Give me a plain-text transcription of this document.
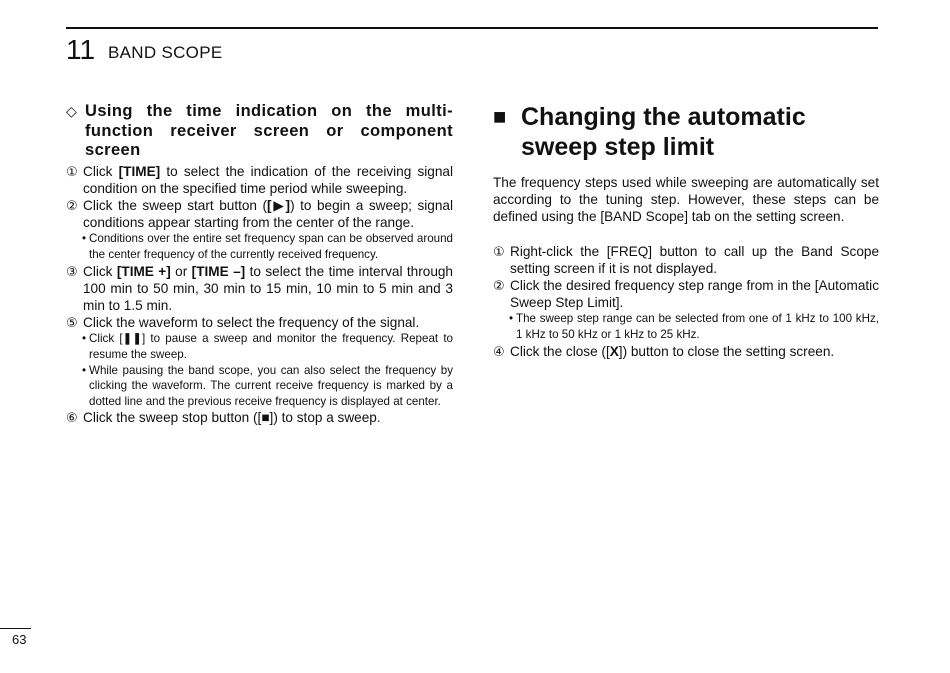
11 BAND SCOPE
◇ Using the time indication on the multi-function receiver screen or component screen
① Click [TIME] to select the indication of the receiving signal condition on the specified time period while sweeping.
② Click the sweep start button ([▶]) to begin a sweep; signal conditions appear starting from the center of the range.
• Conditions over the entire set frequency span can be observed around the center frequency of the currently received frequency.
③ Click [TIME +] or [TIME –] to select the time interval through 100 min to 50 min, 30 min to 15 min, 10 min to 5 min and 3 min to 1.5 min.
⑤ Click the waveform to select the frequency of the signal.
• Click [❚❚] to pause a sweep and monitor the frequency. Repeat to resume the sweep.
• While pausing the band scope, you can also select the frequency by clicking the waveform. The current receive frequency is marked by a dotted line and the previous receive frequency is displayed at center.
⑥ Click the sweep stop button ([■]) to stop a sweep.
■ Changing the automatic sweep step limit
The frequency steps used while sweeping are automatically set according to the tuning step. However, these steps can be defined using the [BAND Scope] tab on the setting screen.
① Right-click the [FREQ] button to call up the Band Scope setting screen if it is not displayed.
② Click the desired frequency step range from in the [Automatic Sweep Step Limit].
• The sweep step range can be selected from one of 1 kHz to 100 kHz, 1 kHz to 50 kHz or 1 kHz to 25 kHz.
④ Click the close ([X]) button to close the setting screen.
63
